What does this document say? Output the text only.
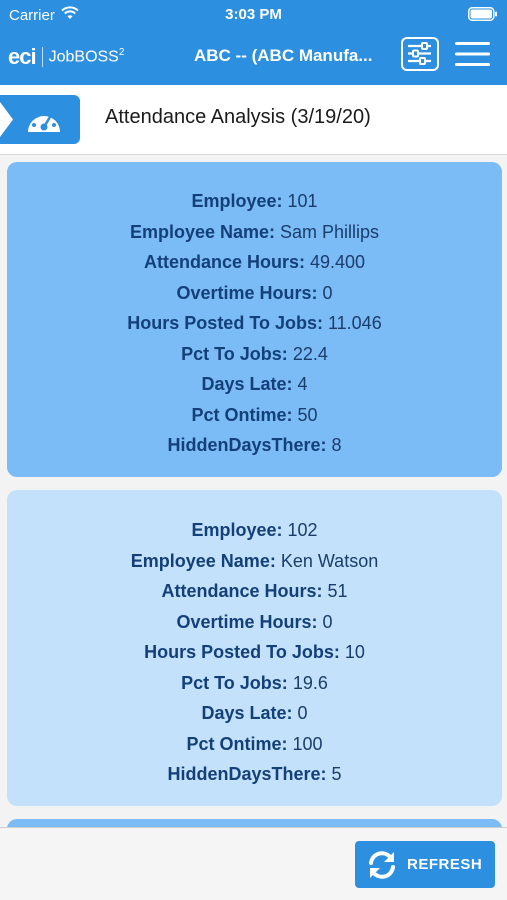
Carrier	3:03 PM
eci JobBOSS$^2$	ABC -- (ABC Manufa...
Attendance Analysis (3/19/20)
Employee: 101
Employee Name: Sam Phillips
Attendance Hours: 49.400
Overtime Hours: 0
Hours Posted To Jobs: 11.046
Pct To Jobs: 22.4
Days Late: 4
Pct Ontime: 50
HiddenDaysThere: 8
Employee: 102
Employee Name: Ken Watson
Attendance Hours: 51
Overtime Hours: 0
Hours Posted To Jobs: 10
Pct To Jobs: 19.6
Days Late: 0
Pct Ontime: 100
HiddenDaysThere: 5
REFRESH
